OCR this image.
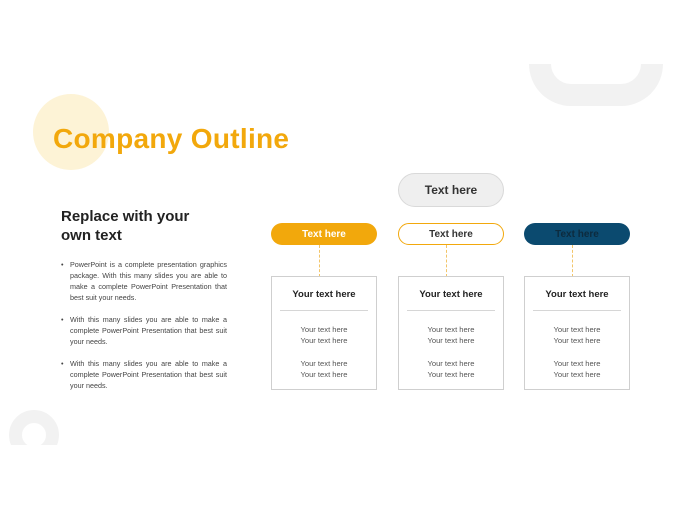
Company Outline
Replace with your own text
• PowerPoint is a complete presentation graphics package. With this many slides you are able to make a complete PowerPoint Presentation that best suit your needs.
• With this many slides you are able to make a complete PowerPoint Presentation that best suit your needs.
• With this many slides you are able to make a complete PowerPoint Presentation that best suit your needs.
Text here
Text here	Text here	Text here
Your text here
Your text here
Your text here
Your text here
Your text here
Your text here
Your text here
Your text here
Your text here
Your text here
Your text here
Your text here
Your text here
Your text here
Your text here
